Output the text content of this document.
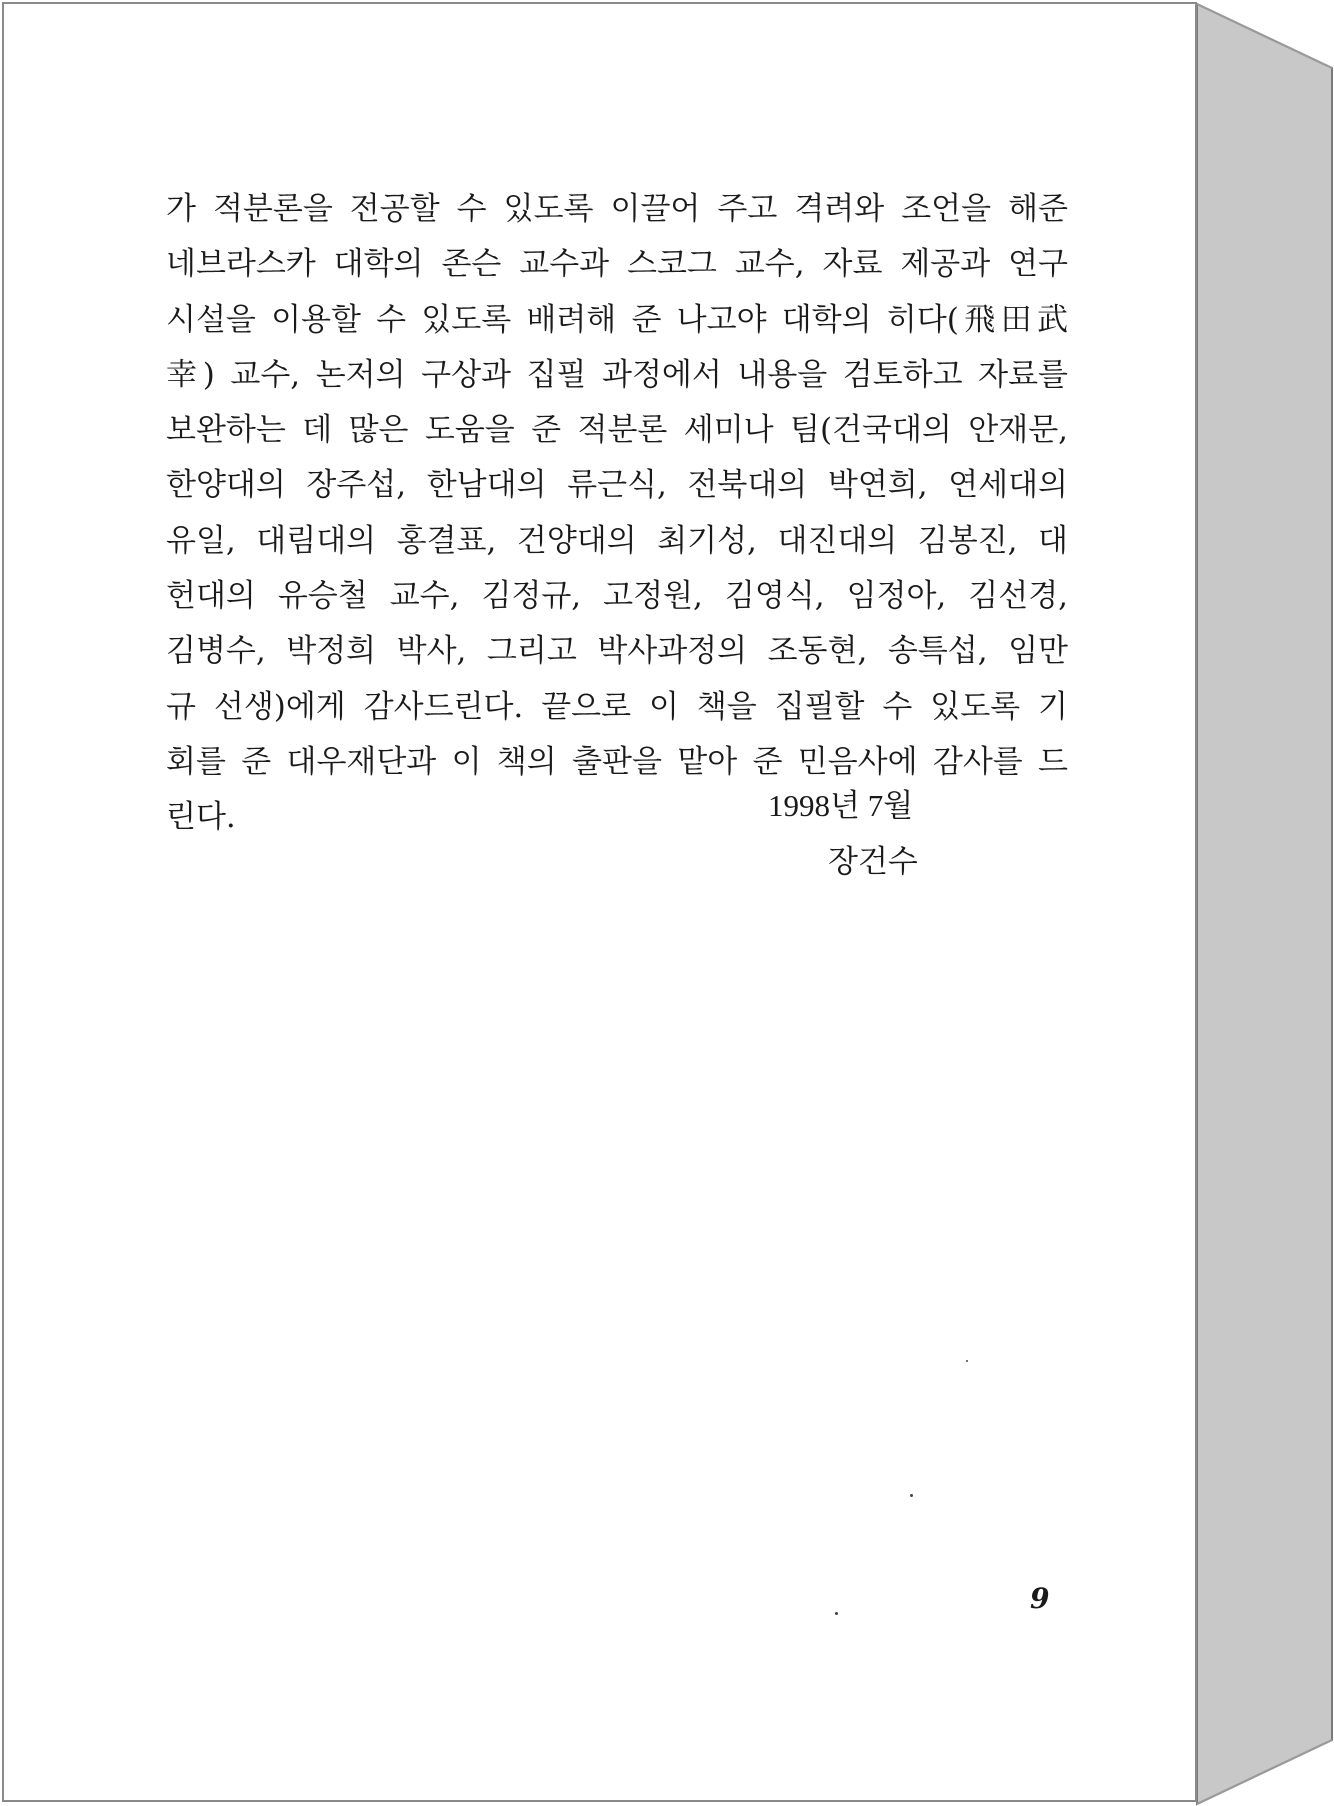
가 적분론을 전공할 수 있도록 이끌어 주고 격려와 조언을 해준
네브라스카 대학의 존슨 교수과 스코그 교수, 자료 제공과 연구
시설을 이용할 수 있도록 배려해 준 나고야 대학의 히다(飛田武
幸) 교수, 논저의 구상과 집필 과정에서 내용을 검토하고 자료를
보완하는 데 많은 도움을 준 적분론 세미나 팀(건국대의 안재문,
한양대의 장주섭, 한남대의 류근식, 전북대의 박연희, 연세대의
유일, 대림대의 홍결표, 건양대의 최기성, 대진대의 김봉진, 대
헌대의 유승철 교수, 김정규, 고정원, 김영식, 임정아, 김선경,
김병수, 박정희 박사, 그리고 박사과정의 조동현, 송특섭, 임만
규 선생)에게 감사드린다. 끝으로 이 책을 집필할 수 있도록 기
회를 준 대우재단과 이 책의 출판을 맡아 준 민음사에 감사를 드
린다.	1998년 7월
장건수
9
